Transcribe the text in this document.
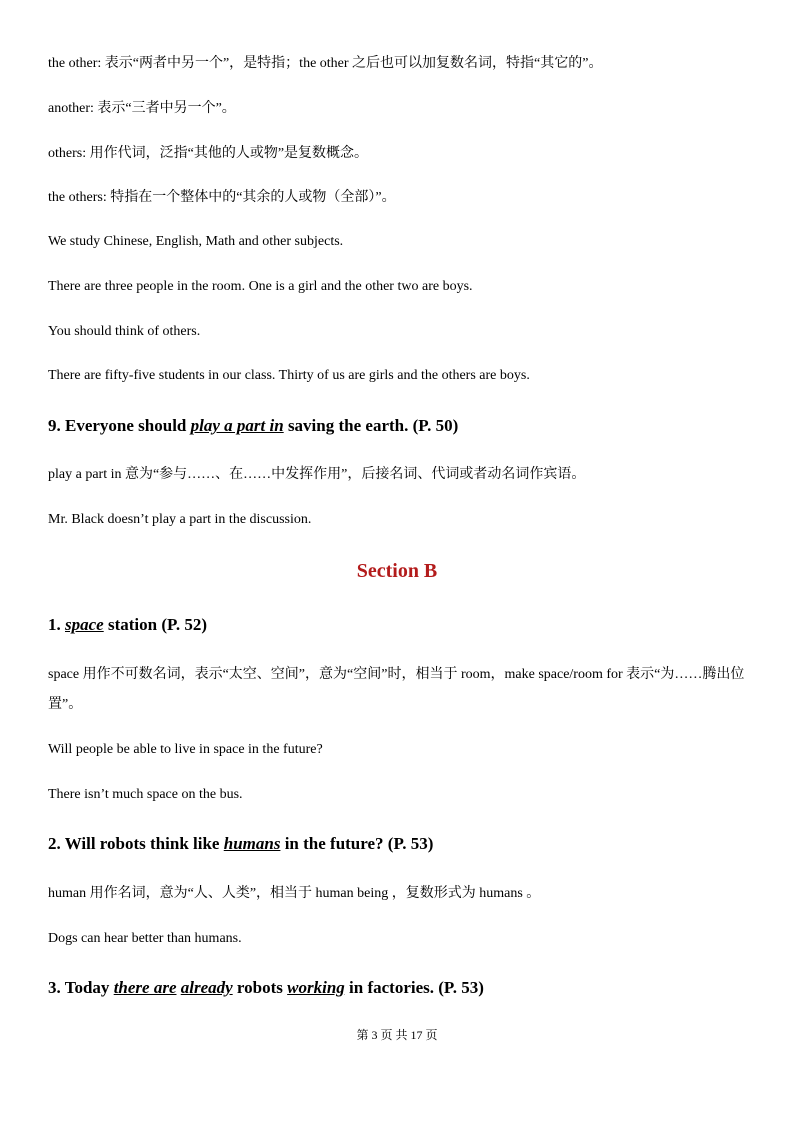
the other: 表示“两者中另一个”，是特指；the other 之后也可以加复数名词，特指“其它的”。
another: 表示“三者中另一个”。
others: 用作代词，泛指“其他的人或物”是复数概念。
the others: 特指在一个整体中的“其余的人或物（全部）”。
We study Chinese, English, Math and other subjects.
There are three people in the room. One is a girl and the other two are boys.
You should think of others.
There are fifty-five students in our class. Thirty of us are girls and the others are boys.
9. Everyone should play a part in saving the earth. (P. 50)
play a part in 意为“参与……、在……中发挥作用”，后接名词、代词或者动名词作宾语。
Mr. Black doesn’t play a part in the discussion.
Section B
1. space station (P. 52)
space 用作不可数名词，表示“太空、空间”，意为“空间”时，相当于 room，make space/room for 表示“为……腾出位置”。
Will people be able to live in space in the future?
There isn’t much space on the bus.
2. Will robots think like humans in the future? (P. 53)
human 用作名词，意为“人、人类”，相当于 human being ，复数形式为 humans 。
Dogs can hear better than humans.
3. Today there are already robots working in factories. (P. 53)
第 3 页 共 17 页
